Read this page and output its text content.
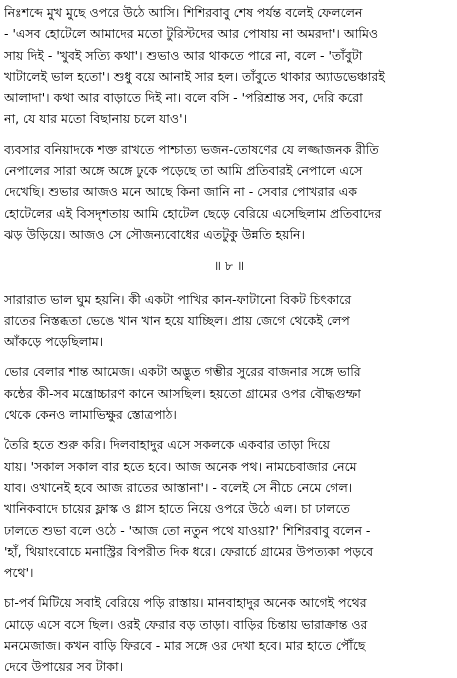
নিঃশব্দে মুখ মুছে ওপরে উঠে আসি। শিশিরবাবু শেষ পর্যন্ত বলেই ফেললেন
- 'এসব হোটেলে আমাদের মতো টুরিস্টদের আর পোষায় না অমরদা'। আমিও
সায় দিই - 'খুবই সত্যি কথা'। শুভাও আর থাকতে পারে না, বলে - 'তাঁবুটা
খাটালেই ভাল হতো'। শুধু বয়ে আনাই সার হল। তাঁবুতে থাকার অ্যাডভেঞ্চারই
আলাদা'। কথা আর বাড়াতে দিই না। বলে বসি - 'পরিশ্রান্ত সব, দেরি করো
না, যে যার মতো বিছানায় চলে যাও'।
ব্যবসার বনিয়াদকে শক্ত রাখতে পাশ্চাত্য ভজন-তোষণের যে লজ্জাজনক রীতি
নেপালের সারা অঙ্গে অঙ্গে ঢুকে পড়েছে তা আমি প্রতিবারই নেপালে এসে
দেখেছি। শুভার আজও মনে আছে কিনা জানি না - সেবার পোখরার এক
হোটেলের এই বিসদৃশতায় আমি হোটেল ছেড়ে বেরিয়ে এসেছিলাম প্রতিবাদের
ঝড় উড়িয়ে। আজও সে সৌজন্যবোধের এতটুকু উন্নতি হয়নি।
॥ ৮ ॥
সারারাত ভাল ঘুম হয়নি। কী একটা পাখির কান-ফাটানো বিকট চিৎকারে
রাতের নিস্তব্ধতা ভেঙে খান খান হয়ে যাচ্ছিল। প্রায় জেগে থেকেই লেপ
আঁকড়ে পড়েছিলাম।
ভোর বেলার শান্ত আমেজ। একটা অদ্ভুত গম্ভীর সুরের বাজনার সঙ্গে ভারি
কন্ঠের কী-সব মন্ত্রোচ্চারণ কানে আসছিল। হয়তো গ্রামের ওপর বৌদ্ধগুম্ফা
থেকে কেনও লামাভিক্ষুর স্তোত্রপাঠ।
তৈরি হতে শুরু করি। দিলবাহাদুর এসে সকলকে একবার তাড়া দিয়ে
যায়। 'সকাল সকাল বার হতে হবে। আজ অনেক পথ। নামচেবাজার নেমে
যাব। ওখানেই হবে আজ রাতের আস্তানা'। - বলেই সে নীচে নেমে গেল।
খানিকবাদে চায়ের ফ্লাস্ক ও গ্লাস হাতে নিয়ে ওপরে উঠে এল। চা ঢালতে
ঢালতে শুভা বলে ওঠে - 'আজ তো নতুন পথে যাওয়া?' শিশিরবাবু বলেন -
'হাঁ, থিয়াংবোচে মনাস্ট্রির বিপরীত দিক ধরে। ফেরার্চে গ্রামের উপত্যকা পড়বে
পথে'।
চা-পর্ব মিটিয়ে সবাই বেরিয়ে পড়ি রাস্তায়। মানবাহাদুর অনেক আগেই পথের
মোড়ে এসে বসে ছিল। ওরই ফেরার বড় তাড়া। বাড়ির চিন্তায় ভারাক্রান্ত ওর
মনমেজাজ। কখন বাড়ি ফিরবে - মার সঙ্গে ওর দেখা হবে। মার হাতে পৌঁছে
দেবে উপায়ের সব টাকা।
